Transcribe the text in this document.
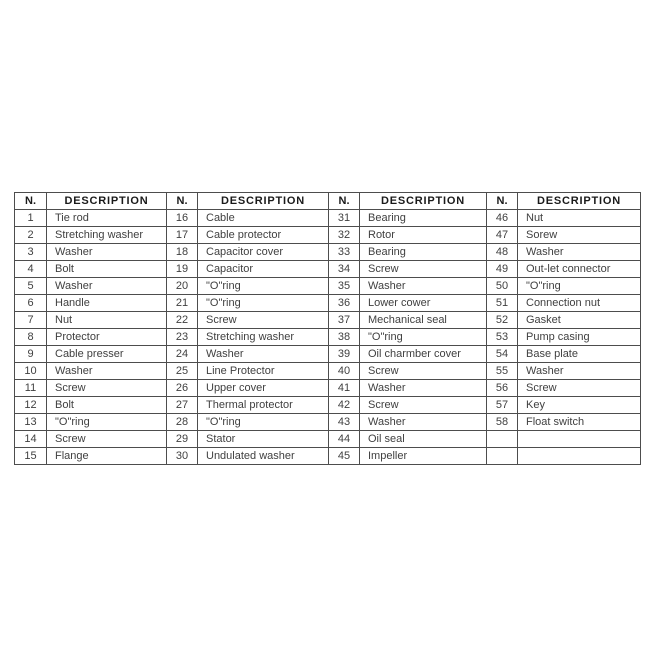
N.	DESCRIPTION	N.	DESCRIPTION	N.	DESCRIPTION	N.	DESCRIPTION
1	Tie rod	16	Cable	31	Bearing	46	Nut
2	Stretching washer	17	Cable protector	32	Rotor	47	Sorew
3	Washer	18	Capacitor cover	33	Bearing	48	Washer
4	Bolt	19	Capacitor	34	Screw	49	Out-let connector
5	Washer	20	"O"ring	35	Washer	50	"O"ring
6	Handle	21	"O"ring	36	Lower cower	51	Connection nut
7	Nut	22	Screw	37	Mechanical seal	52	Gasket
8	Protector	23	Stretching washer	38	"O"ring	53	Pump casing
9	Cable presser	24	Washer	39	Oil charmber cover	54	Base plate
10	Washer	25	Line Protector	40	Screw	55	Washer
11	Screw	26	Upper cover	41	Washer	56	Screw
12	Bolt	27	Thermal protector	42	Screw	57	Key
13	"O"ring	28	"O"ring	43	Washer	58	Float switch
14	Screw	29	Stator	44	Oil seal		
15	Flange	30	Undulated washer	45	Impeller		
